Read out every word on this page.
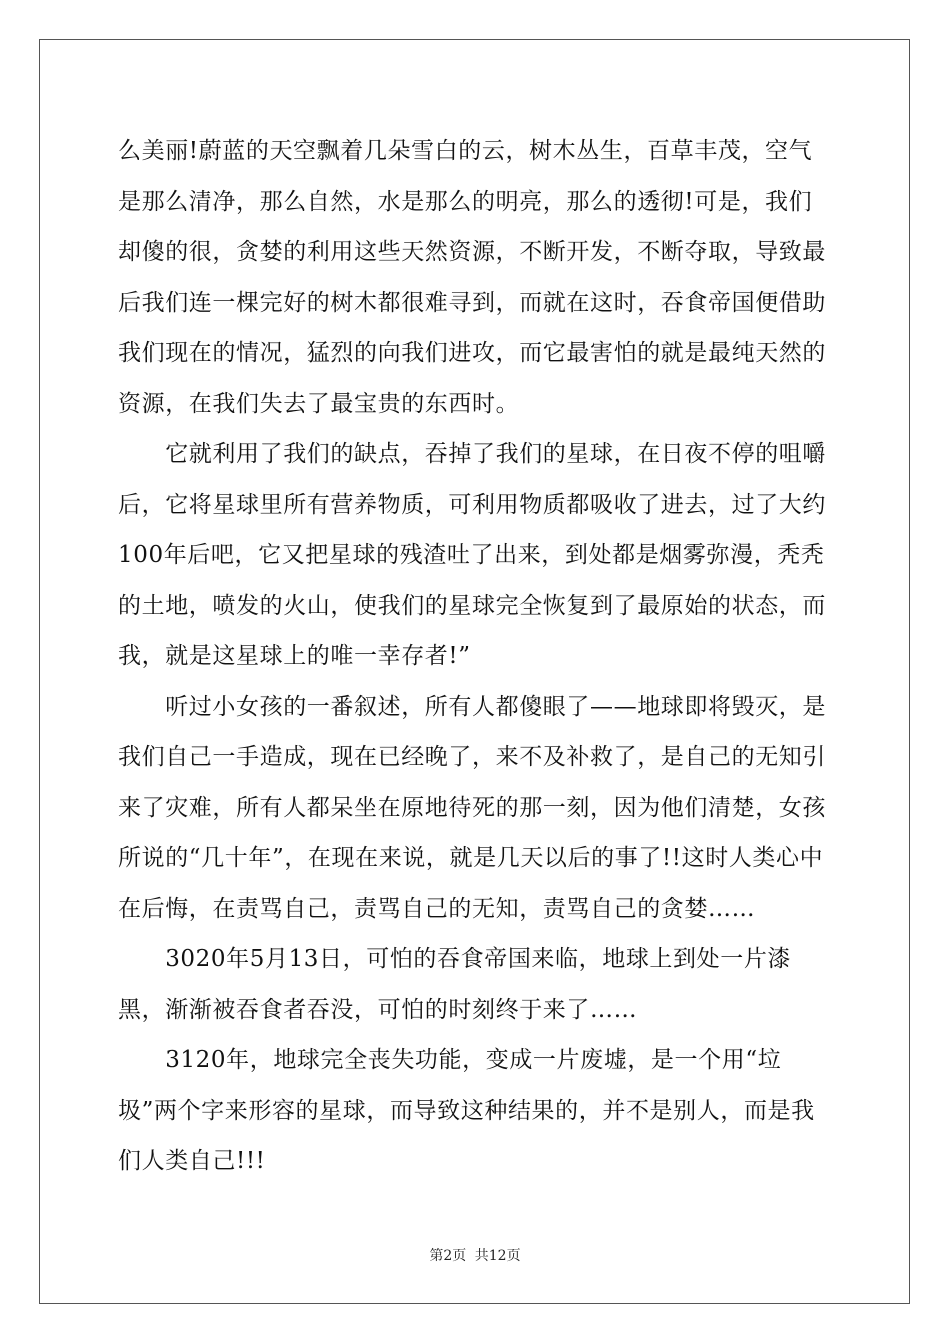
么美丽!蔚蓝的天空飘着几朵雪白的云，树木丛生，百草丰茂，空气是那么清净，那么自然，水是那么的明亮，那么的透彻!可是，我们却傻的很，贪婪的利用这些天然资源，不断开发，不断夺取，导致最后我们连一棵完好的树木都很难寻到，而就在这时，吞食帝国便借助我们现在的情况，猛烈的向我们进攻，而它最害怕的就是最纯天然的资源，在我们失去了最宝贵的东西时。

　　它就利用了我们的缺点，吞掉了我们的星球，在日夜不停的咀嚼后，它将星球里所有营养物质，可利用物质都吸收了进去，过了大约100年后吧，它又把星球的残渣吐了出来，到处都是烟雾弥漫，秃秃的土地，喷发的火山，使我们的星球完全恢复到了最原始的状态，而我，就是这星球上的唯一幸存者!”

　　听过小女孩的一番叙述，所有人都傻眼了——地球即将毁灭，是我们自己一手造成，现在已经晚了，来不及补救了，是自己的无知引来了灾难，所有人都呆坐在原地待死的那一刻，因为他们清楚，女孩所说的“几十年”，在现在来说，就是几天以后的事了!!这时人类心中在后悔，在责骂自己，责骂自己的无知，责骂自己的贪婪……

　　3020年5月13日，可怕的吞食帝国来临，地球上到处一片漆黑，渐渐被吞食者吞没，可怕的时刻终于来了……

　　3120年，地球完全丧失功能，变成一片废墟，是一个用“垃圾”两个字来形容的星球，而导致这种结果的，并不是别人，而是我们人类自己!!!

第2页 共12页
